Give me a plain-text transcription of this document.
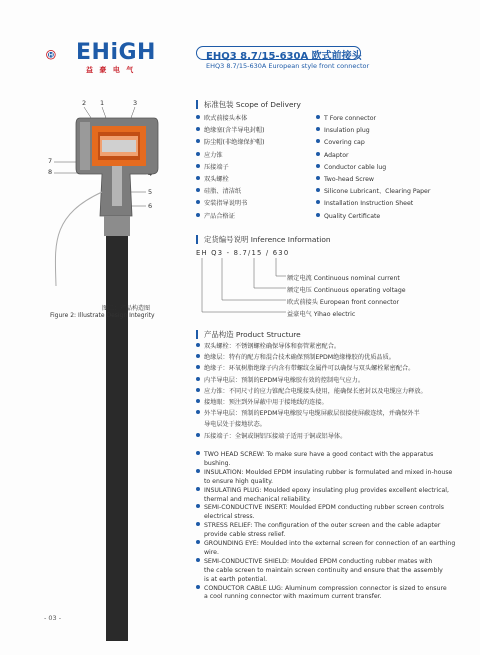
EHiGH
益 豪 电 气
EHQ3 8.7/15-630A 欧式前接头
EHQ3 8.7/15-630A European style front connector
2 1	3
7
8
5
6
图二：产品构造图
Figure 2: Illustrate Design Integrity
标准包装 Scope of Delivery
欧式前接头本体
绝缘塞(含半导电封帽)
防尘帽(非绝缘保护帽)
应力锥
压接端子
双头螺栓
硅脂、清洁纸
安装指导说明书
产品合格证
T Fore connector
Insulation plug
Covering cap
Adaptor
Conductor cable lug
Two-head Screw
Silicone Lubricant、Clearing Paper
Installation Instruction Sheet
Quality Certificate
定货编号说明 Inference Information
EH Q3 - 8.7/15 / 630
额定电流 Continuous nominal current
额定电压 Continuous operating voltage
欧式前接头 European front connector
益豪电气 Yihao electric
产品构造 Product Structure
双头螺栓：不锈钢螺栓确保导体和套管紧密配合。
绝缘层：特有的配方和混合技术确保预制EPDM绝缘橡胶的优质品质。
绝缘子：环氧树脂绝缘子内含有带螺纹金属件可以确保与双头螺栓紧密配合。
内半导电层：预制的EPDM导电橡胶有效的控制电气应力。
应力锥：不同尺寸的应力锥配合电缆接头使用，能确保长密封以及电缆应力释放。
接地眼：预注到外屏蔽中用于接地线的连接。
外半导电层：预制的EPDM导电橡胶与电缆屏蔽层很接使屏蔽连续，并确保外半
导电层处于接地状态。
压接端子：全铜或铜铝压接端子适用于铜或铝导体。
TWO HEAD SCREW: To make sure have a good contact with the apparatus
bushing.
INSULATION: Moulded EPDM insulating rubber is formulated and mixed in-house
to ensure high quality.
INSULATING PLUG: Moulded epoxy insulating plug provides excellent electrical,
thermal and mechanical reliability.
SEMI-CONDUCTIVE INSERT: Moulded EPDM conducting rubber screen controls
electrical stress.
STRESS RELIEF: The configuration of the outer screen and the cable adapter
provide cable stress relief.
GROUNDING EYE: Moulded into the external screen for connection of an earthing
wire.
SEMI-CONDUCTIVE SHIELD: Moulded EPDM conducting rubber mates with
the cable screen to maintain screen continuity and ensure that the assembly
is at earth potential.
CONDUCTOR CABLE LUG: Aluminum compression connector is sized to ensure
a cool running connector with maximum current transfer.
- 03 -
